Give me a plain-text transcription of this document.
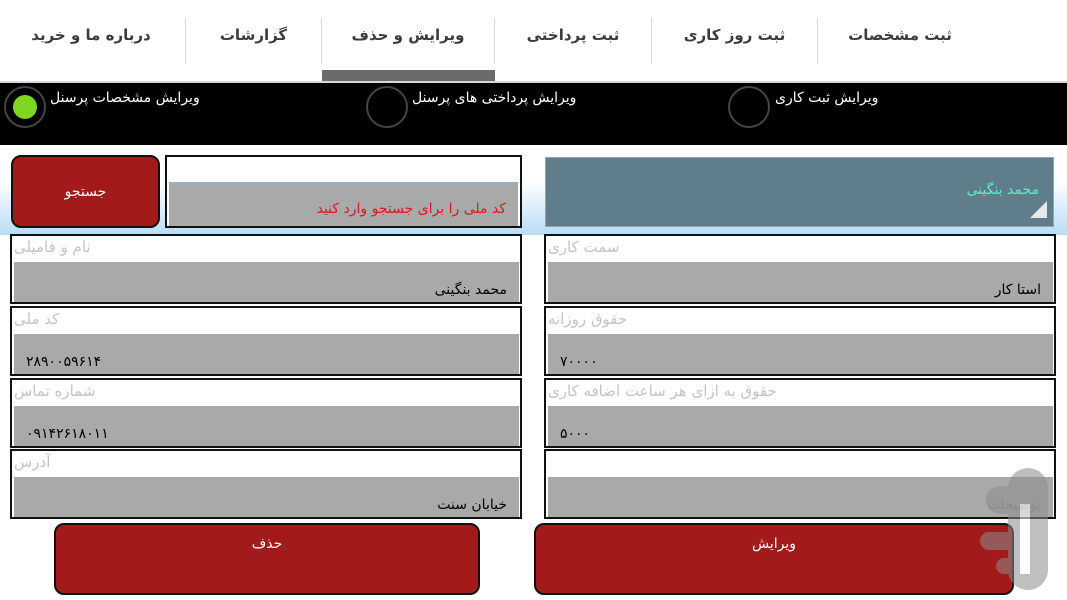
ثبت مشخصات
ثبت روز کاری
ثبت پرداختی
ویرایش و حذف
گزارشات
درباره ما و خرید
ویرایش مشخصات پرسنل	ویرایش پرداختی های پرسنل	ویرایش ثبت کاری
جستجو
کد ملی را برای جستجو وارد کنید
محمد بنگینی
نام و فامیلی
محمد بنگینی
کد ملی
۲۸۹۰۰۵۹۶۱۴
شماره تماس
۰۹۱۴۲۶۱۸۰۱۱
آدرس
خیابان سنت
سمت کاری
استا کار
حقوق روزانه
۷۰۰۰۰
حقوق به ازای هر ساعت اضافه کاری
۵۰۰۰
حذف	ویرایش
